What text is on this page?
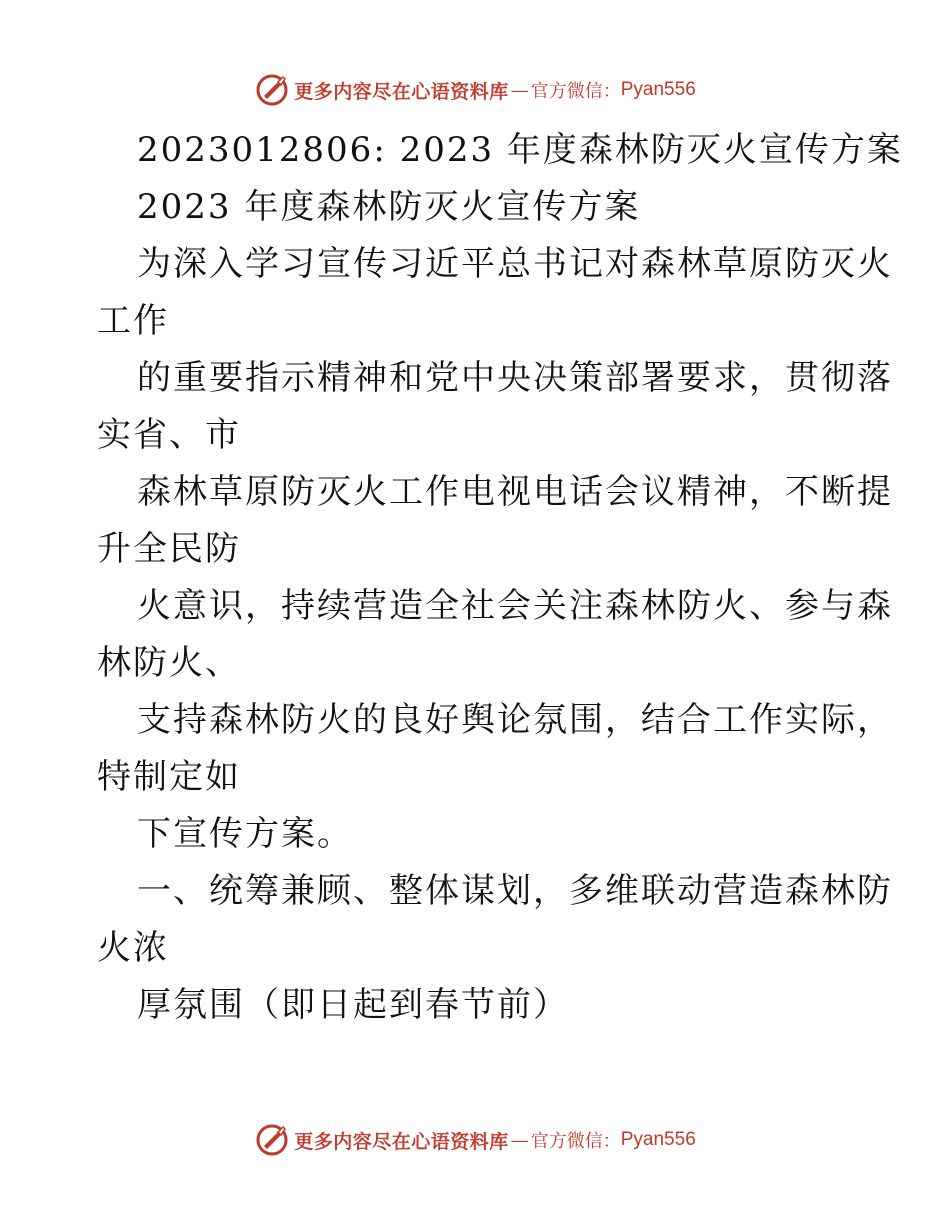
更多内容尽在心语资料库 — 官方微信： Pyan556
2023012806: 2023 年度森林防灭火宣传方案
2023 年度森林防灭火宣传方案
为深入学习宣传习近平总书记对森林草原防灭火
工作
的重要指示精神和党中央决策部署要求，贯彻落
实省、市
森林草原防灭火工作电视电话会议精神，不断提
升全民防
火意识，持续营造全社会关注森林防火、参与森
林防火、
支持森林防火的良好舆论氛围，结合工作实际，
特制定如
下宣传方案。
一、统筹兼顾、整体谋划，多维联动营造森林防
火浓
厚氛围（即日起到春节前）
更多内容尽在心语资料库 — 官方微信： Pyan556
